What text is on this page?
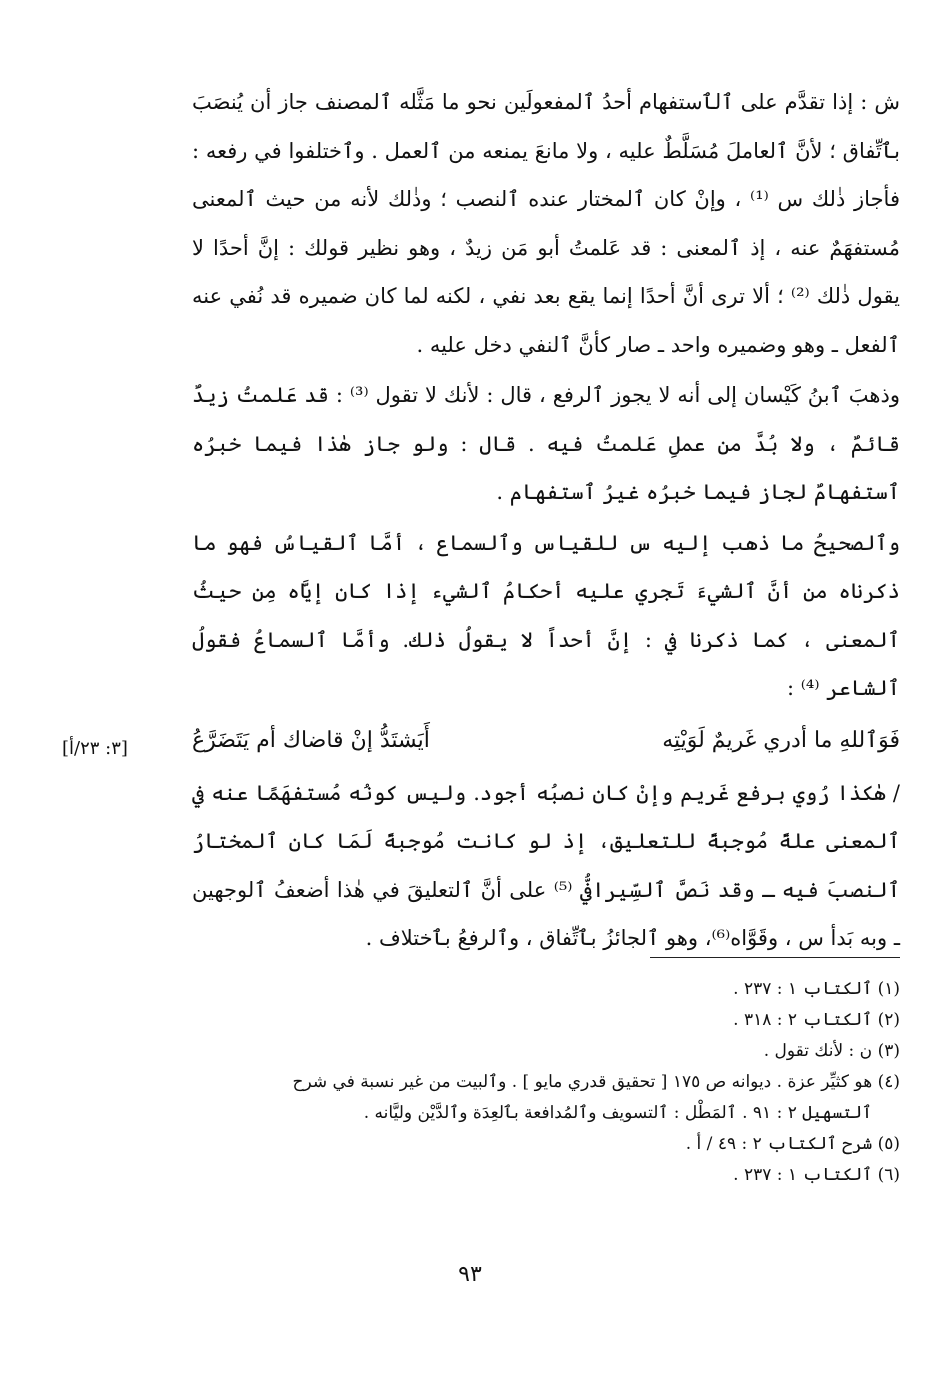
ش : إذا تقدَّم على ٱلٱستفهام أحدُ ٱلمفعولَين نحو ما مَثَّله ٱلمصنف جاز أن يُنصَبَ بٱتِّفاق ؛ لأنَّ ٱلعاملَ مُسَلَّطٌ عليه ، ولا مانعَ يمنعه من ٱلعمل . وٱختلفوا في رفعه : فأجاز ذٰلك س ⁽¹⁾ ، وإنْ كان ٱلمختار عنده ٱلنصب ؛ وذٰلك لأنه من حيث ٱلمعنى مُستفهَمٌ عنه ، إذ ٱلمعنى : قد عَلمتُ أبو مَن زيدٌ ، وهو نظير قولك : إنَّ أحدًا لا يقول ذٰلك ⁽²⁾ ؛ ألا ترى أنَّ أحدًا إنما يقع بعد نفي ، لكنه لما كان ضميره قد نُفي عنه ٱلفعل ـ وهو وضميره واحد ـ صار كأنَّ ٱلنفي دخل عليه .

وذهبَ ٱبنُ كَيْسان إلى أنه لا يجوز ٱلرفع ، قال : لأنك لا تقول ⁽³⁾ : قد عَلمتُ زيدٌ قائمٌ ، ولا بُدَّ من عملِ عَلمتُ فيه . قال : ولو جاز هٰذا فيما خبرُه ٱستفهامٌ لجاز فيما خبرُه غيرُ ٱستفهام .

وٱلصحيحُ ما ذهب إليه س للقياس وٱلسماع ، أمَّا ٱلقياسُ فهو ما ذكرناه من أنَّ ٱلشيءَ تَجري عليه أحكامُ ٱلشيء إذا كان إيَّاه مِن حيثُ ٱلمعنى ، كما ذكرنا في : إنَّ أحداً لا يقولُ ذٰلك. وأمَّا ٱلسماعُ فقولُ ٱلشاعر ⁽⁴⁾ :

فَوَٱللهِ ما أدري غَريمٌ لَوَيْتِه
أَيَشتَدُّ إنْ قاضاك أم يَتَضَرَّعُ

/ هٰكذا رُوي برفع غَريم وإنْ كان نصبُه أجود. وليس كونُه مُستفهَمًا عنه في ٱلمعنى علةً مُوجبةً للتعليق، إذ لو كانت مُوجبةً لَمَا كان ٱلمختارُ ٱلنصبَ فيه ـ وقد نَصَّ ٱلسِّيرافيُّ ⁽⁵⁾ على أنَّ ٱلتعليقَ في هٰذا أضعفُ ٱلوجهين ـ وبه بَدأ س ، وقَوَّاه⁽⁶⁾، وهو ٱلجائزُ بٱتِّفاق ، وٱلرفعُ بٱختلاف .

[٣: ٢٣/أ]

(١) ٱلكتاب ١ : ٢٣٧ .

(٢) ٱلكتاب ٢ : ٣١٨ .

(٣) ن : لأنك تقول .

(٤) هو كثيِّر عزة . ديوانه ص ١٧٥ [ تحقيق قدري مايو ] . وٱلبيت من غير نسبة في شرح
ٱلتسهيل ٢ : ٩١ . ٱلمَطْل : ٱلتسويف وٱلمُدافعة بٱلعِدَة وٱلدَّيْن وليَّانه .

(٥) شرح ٱلكتاب ٢ : ٤٩ / أ .

(٦) ٱلكتاب ١ : ٢٣٧ .

٩٣
